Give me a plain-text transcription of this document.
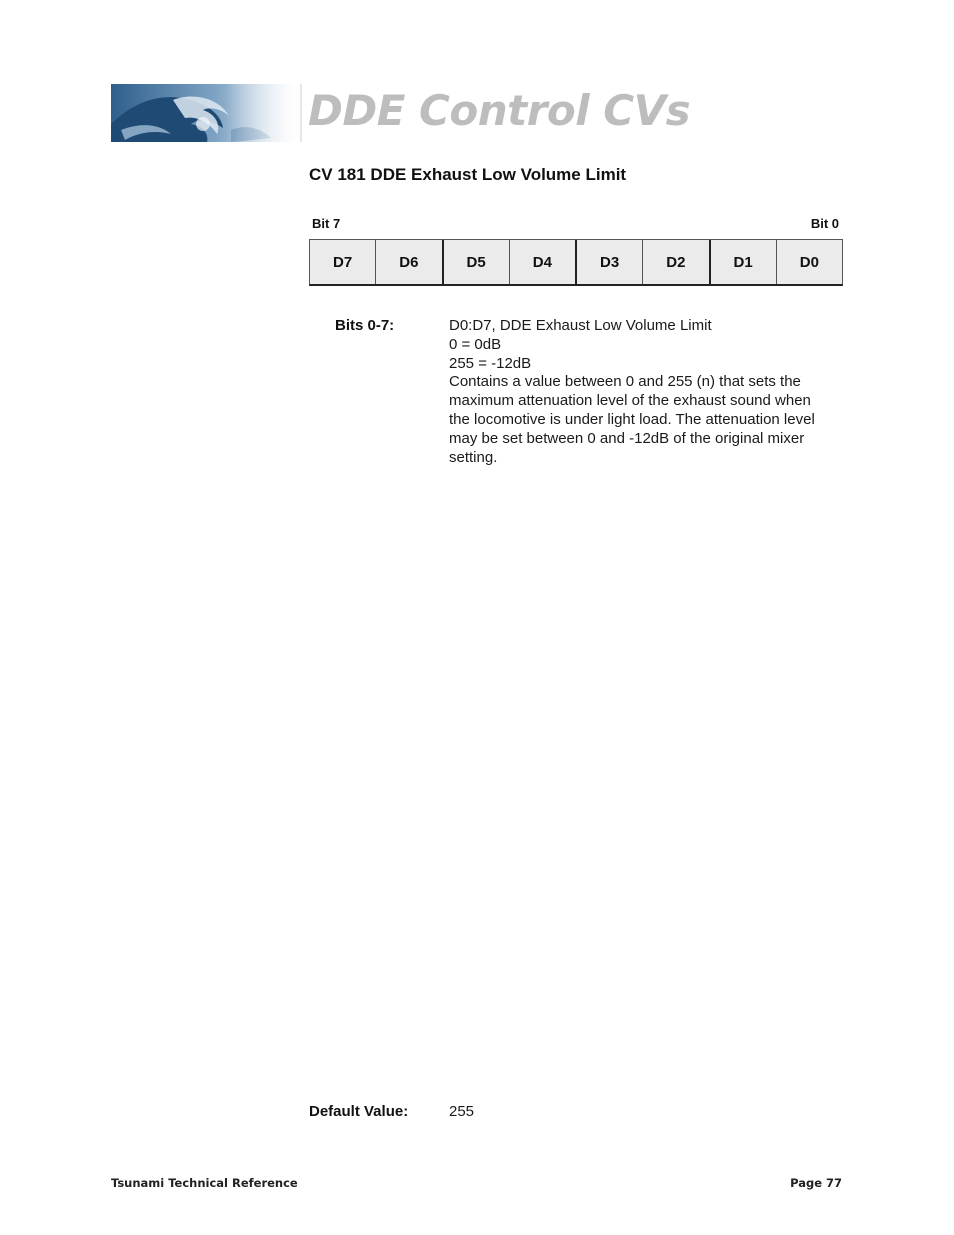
DDE Control CVs
CV 181 DDE Exhaust Low Volume Limit
Bit 7	Bit 0
D7	D6	D5	D4	D3	D2	D1	D0
Bits 0-7:	D0:D7, DDE Exhaust Low Volume Limit
0 = 0dB
255 = -12dB
Contains a value between 0 and 255 (n) that sets the
maximum attenuation level of the exhaust sound when
the locomotive is under light load. The attenuation level
may be set between 0 and -12dB of the original mixer
setting.
Default Value:	255
Tsunami Technical Reference	Page 77
